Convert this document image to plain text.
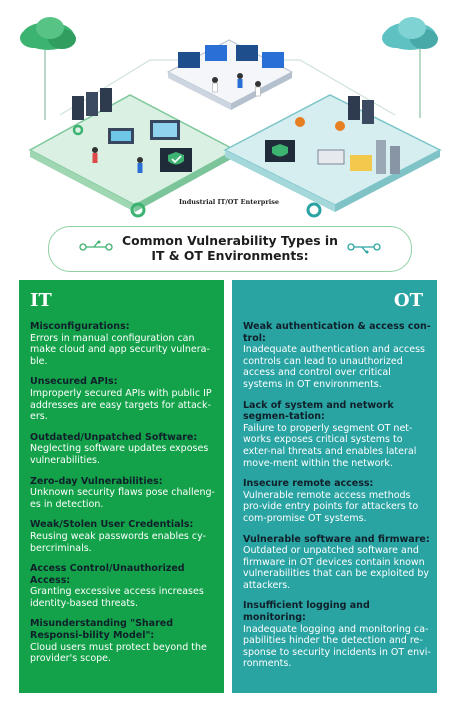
Industrial IT/OT Enterprise
Common Vulnerability Types in
IT & OT Environments:
IT
Misconfigurations:
Errors in manual configuration can make cloud and app security vulnera-ble.
Unsecured APIs:
Improperly secured APIs with public IP addresses are easy targets for attack-ers.
Outdated/Unpatched Software:
Neglecting software updates exposes vulnerabilities.
Zero-day Vulnerabilities:
Unknown security flaws pose challeng-es in detection.
Weak/Stolen User Credentials:
Reusing weak passwords enables cy-bercriminals.
Access Control/Unauthorized Access:
Granting excessive access increases identity-based threats.
Misunderstanding "Shared Responsi-bility Model":
Cloud users must protect beyond the provider's scope.
OT
Weak authentication & access con-trol:
Inadequate authentication and access controls can lead to unauthorized access and control over critical systems in OT environments.
Lack of system and network segmen-tation:
Failure to properly segment OT net-works exposes critical systems to exter-nal threats and enables lateral move-ment within the network.
Insecure remote access:
Vulnerable remote access methods pro-vide entry points for attackers to com-promise OT systems.
Vulnerable software and firmware:
Outdated or unpatched software and firmware in OT devices contain known vulnerabilities that can be exploited by attackers.
Insufficient logging and monitoring:
Inadequate logging and monitoring ca-pabilities hinder the detection and re-sponse to security incidents in OT envi-ronments.
